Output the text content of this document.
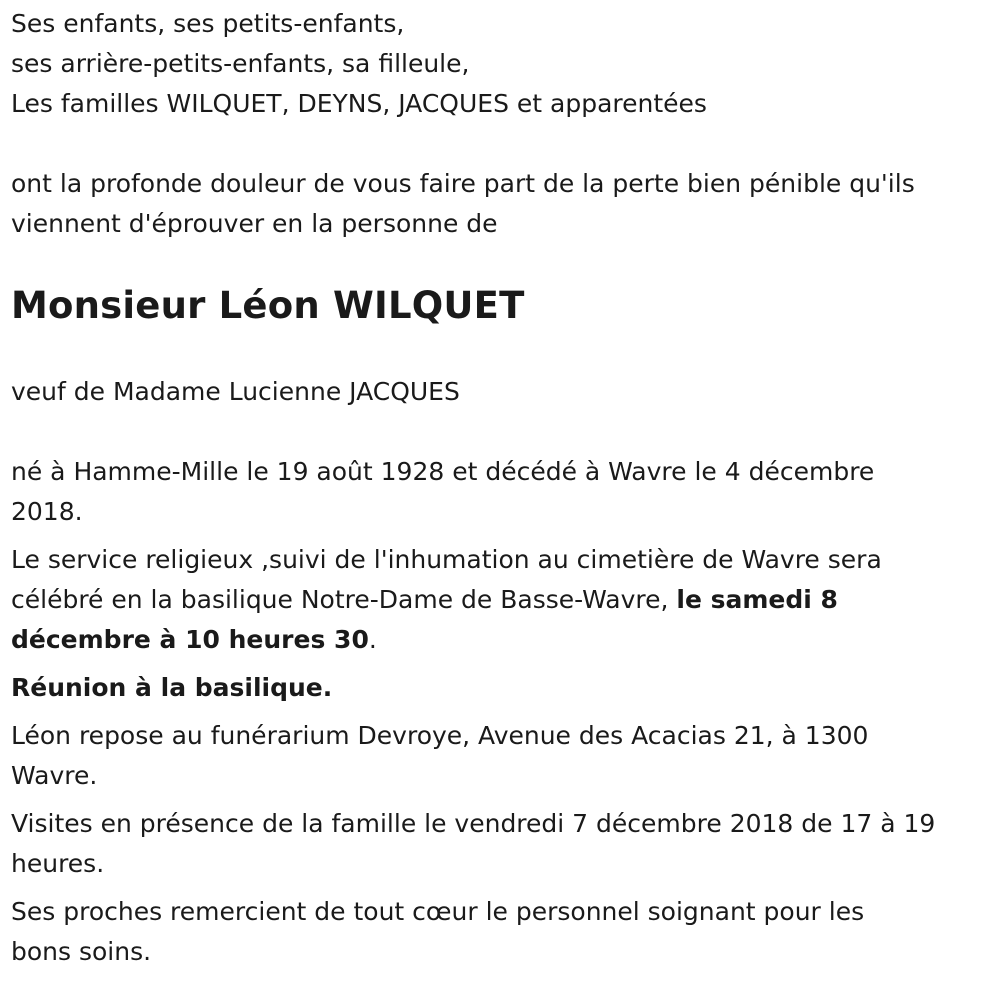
Ses enfants, ses petits-enfants,
ses arrière-petits-enfants, sa filleule,
Les familles WILQUET, DEYNS, JACQUES et apparentées

ont la profonde douleur de vous faire part de la perte bien pénible qu'ils
viennent d'éprouver en la personne de

Monsieur Léon WILQUET

veuf de Madame Lucienne JACQUES

né à Hamme-Mille le 19 août 1928 et décédé à Wavre le 4 décembre
2018.

Le service religieux ,suivi de l'inhumation au cimetière de Wavre sera
célébré en la basilique Notre-Dame de Basse-Wavre, le samedi 8
décembre à 10 heures 30.

Réunion à la basilique.

Léon repose au funérarium Devroye, Avenue des Acacias 21, à 1300
Wavre.

Visites en présence de la famille le vendredi 7 décembre 2018 de 17 à 19
heures.

Ses proches remercient de tout cœur le personnel soignant pour les
bons soins.
